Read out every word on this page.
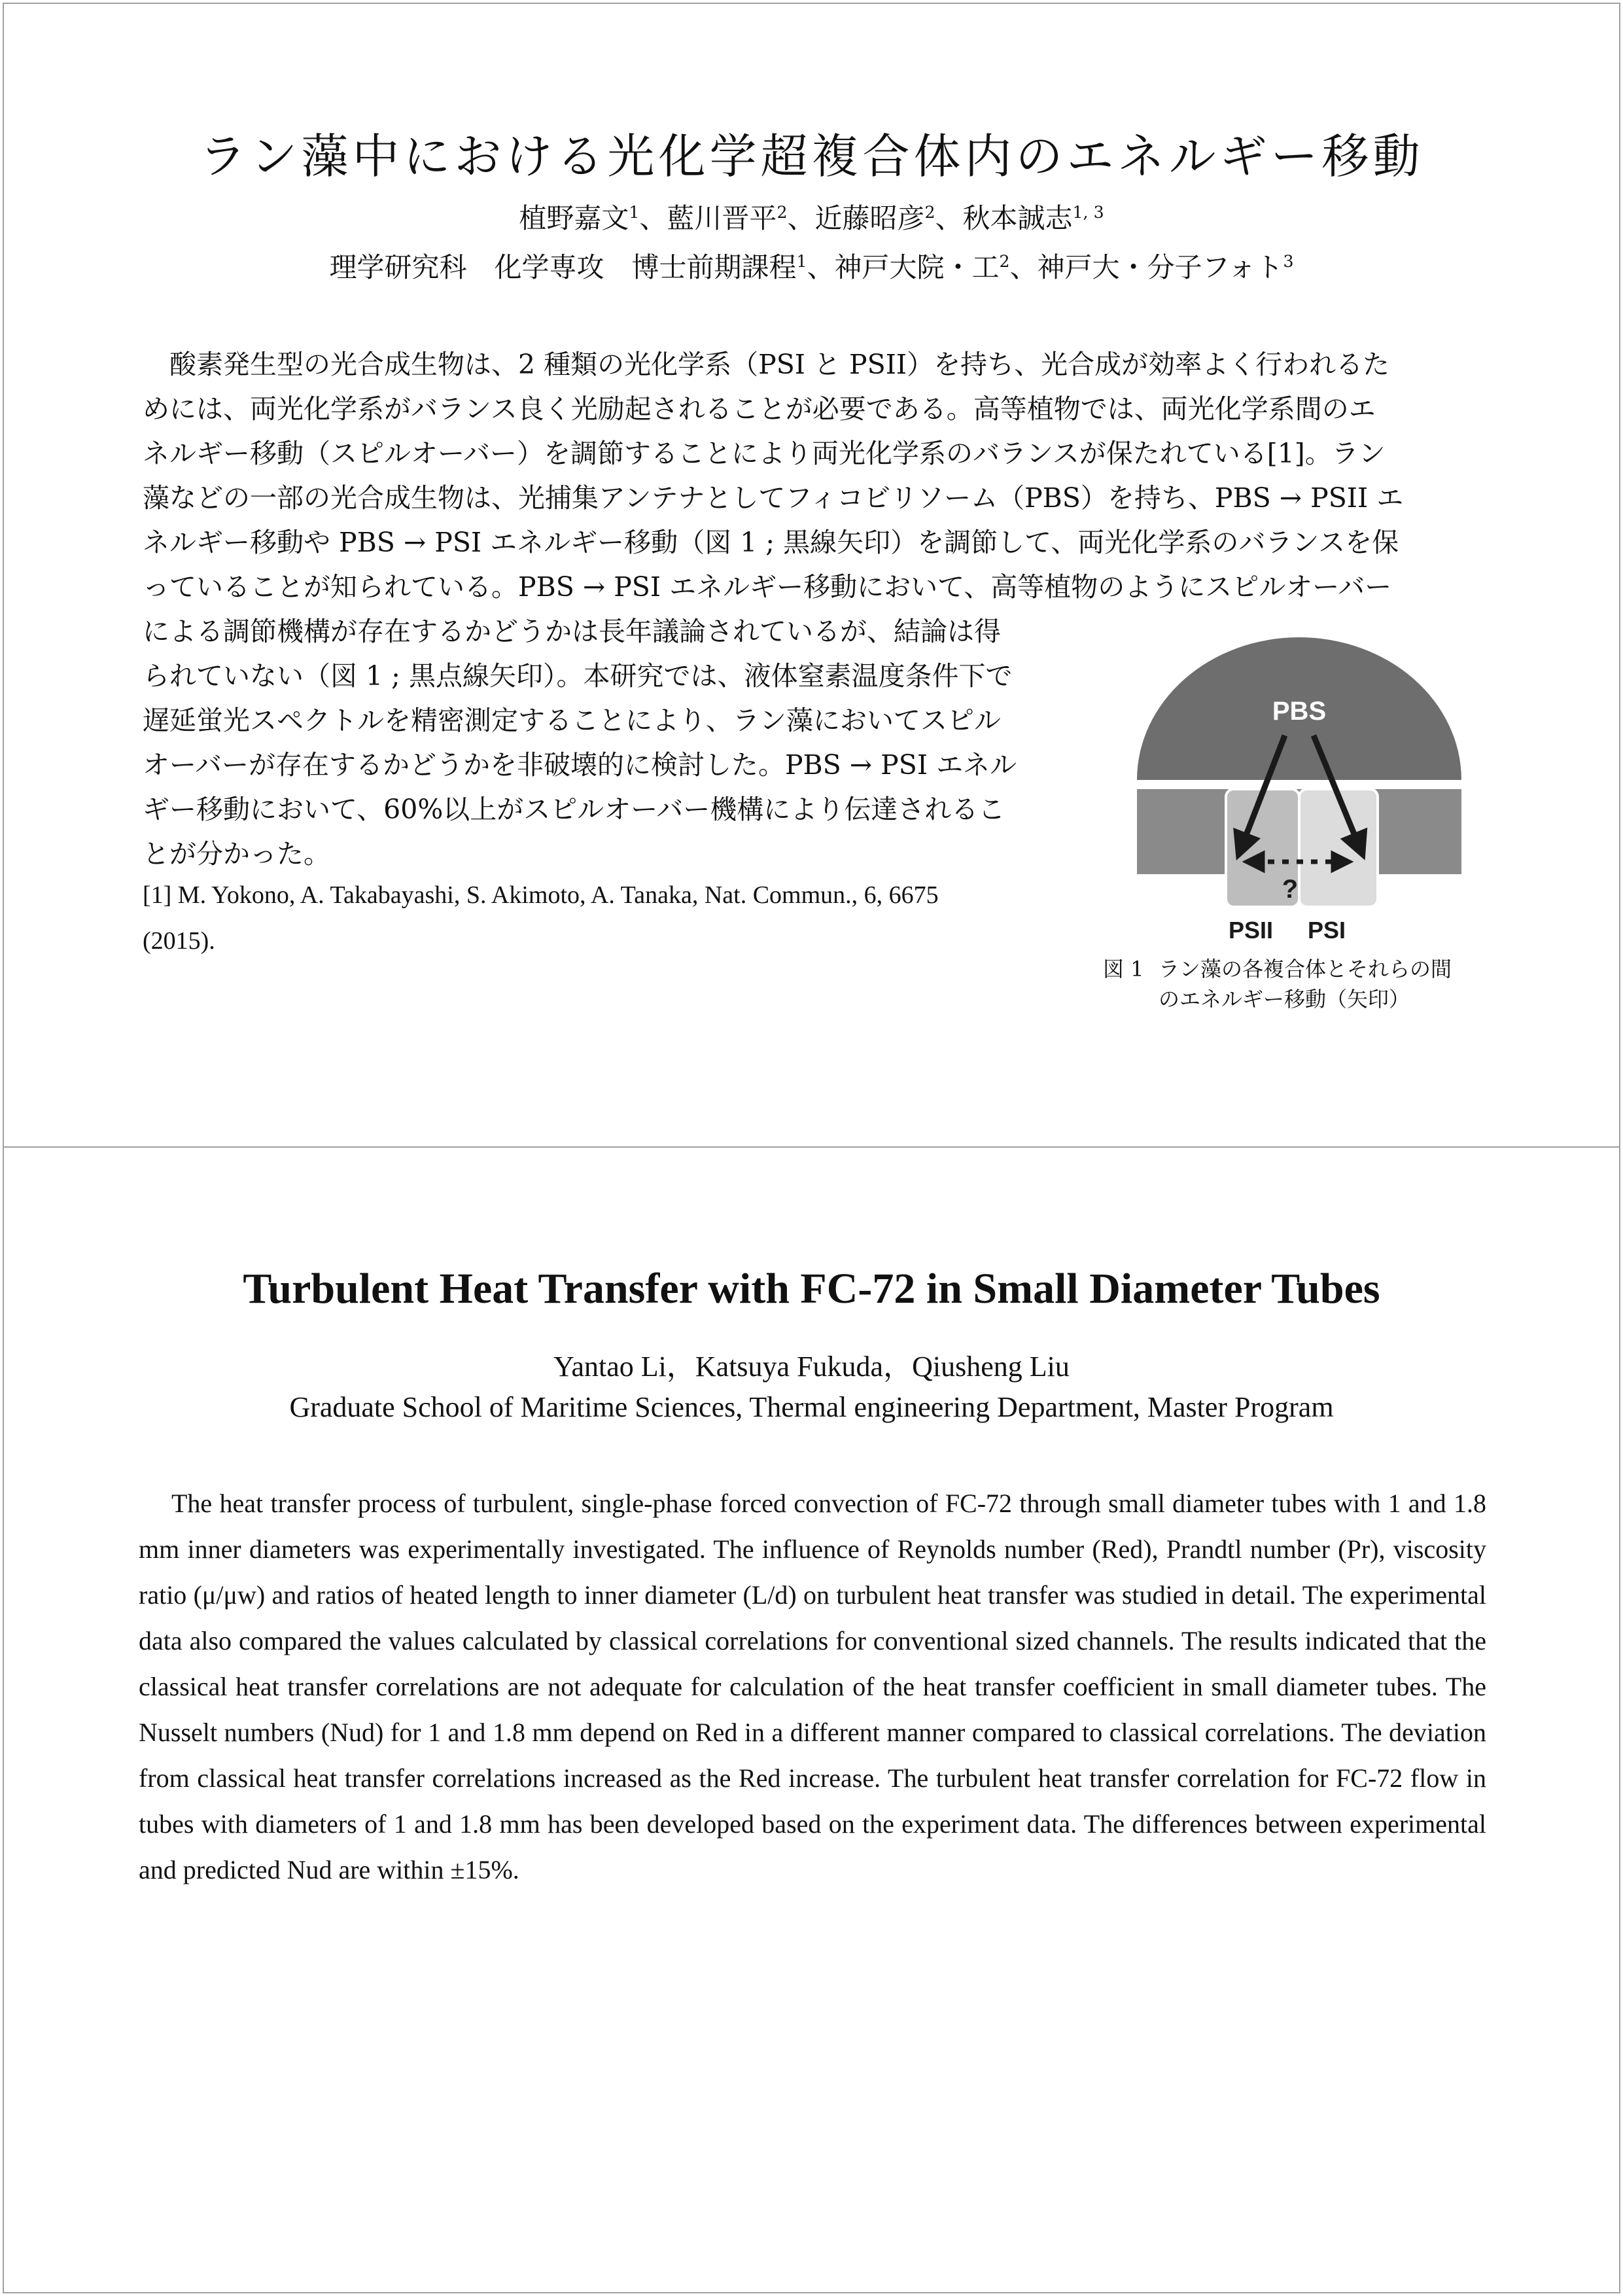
ラン藻中における光化学超複合体内のエネルギー移動

植野嘉文$^1$、藍川晋平$^2$、近藤昭彦$^2$、秋本誠志$^{1, 3}$

理学研究科　化学専攻　博士前期課程$^1$、神戸大院・工$^2$、神戸大・分子フォト$^3$

　酸素発生型の光合成生物は、2 種類の光化学系（PSI と PSII）を持ち、光合成が効率よく行われるた

めには、両光化学系がバランス良く光励起されることが必要である。高等植物では、両光化学系間のエ

ネルギー移動（スピルオーバー）を調節することにより両光化学系のバランスが保たれている[1]。ラン

藻などの一部の光合成生物は、光捕集アンテナとしてフィコビリソーム（PBS）を持ち、PBS → PSII エ

ネルギー移動や PBS → PSI エネルギー移動（図 1 ; 黒線矢印）を調節して、両光化学系のバランスを保

っていることが知られている。PBS → PSI エネルギー移動において、高等植物のようにスピルオーバー

による調節機構が存在するかどうかは長年議論されているが、結論は得

られていない（図 1 ; 黒点線矢印）。本研究では、液体窒素温度条件下で

遅延蛍光スペクトルを精密測定することにより、ラン藻においてスピル

オーバーが存在するかどうかを非破壊的に検討した。PBS → PSI エネル

ギー移動において、60%以上がスピルオーバー機構により伝達されるこ

とが分かった。

[1] M. Yokono, A. Takabayashi, S. Akimoto, A. Tanaka, Nat. Commun., 6, 6675

(2015).

PBS
?
PSII PSI

図 1 ラン藻の各複合体とそれらの間
のエネルギー移動（矢印）

Turbulent Heat Transfer with FC-72 in Small Diameter Tubes

Yantao Li，Katsuya Fukuda，Qiusheng Liu

Graduate School of Maritime Sciences, Thermal engineering Department, Master Program

The heat transfer process of turbulent, single-phase forced convection of FC-72 through small diameter tubes with 1 and 1.8 mm inner diameters was experimentally investigated. The influence of Reynolds number (Red), Prandtl number (Pr), viscosity ratio (μ/μw) and ratios of heated length to inner diameter (L/d) on turbulent heat transfer was studied in detail. The experimental data also compared the values calculated by classical correlations for conventional sized channels. The results indicated that the classical heat transfer correlations are not adequate for calculation of the heat transfer coefficient in small diameter tubes. The Nusselt numbers (Nud) for 1 and 1.8 mm depend on Red in a different manner compared to classical correlations. The deviation from classical heat transfer correlations increased as the Red increase. The turbulent heat transfer correlation for FC-72 flow in tubes with diameters of 1 and 1.8 mm has been developed based on the experiment data. The differences between experimental and predicted Nud are within ±15%.
